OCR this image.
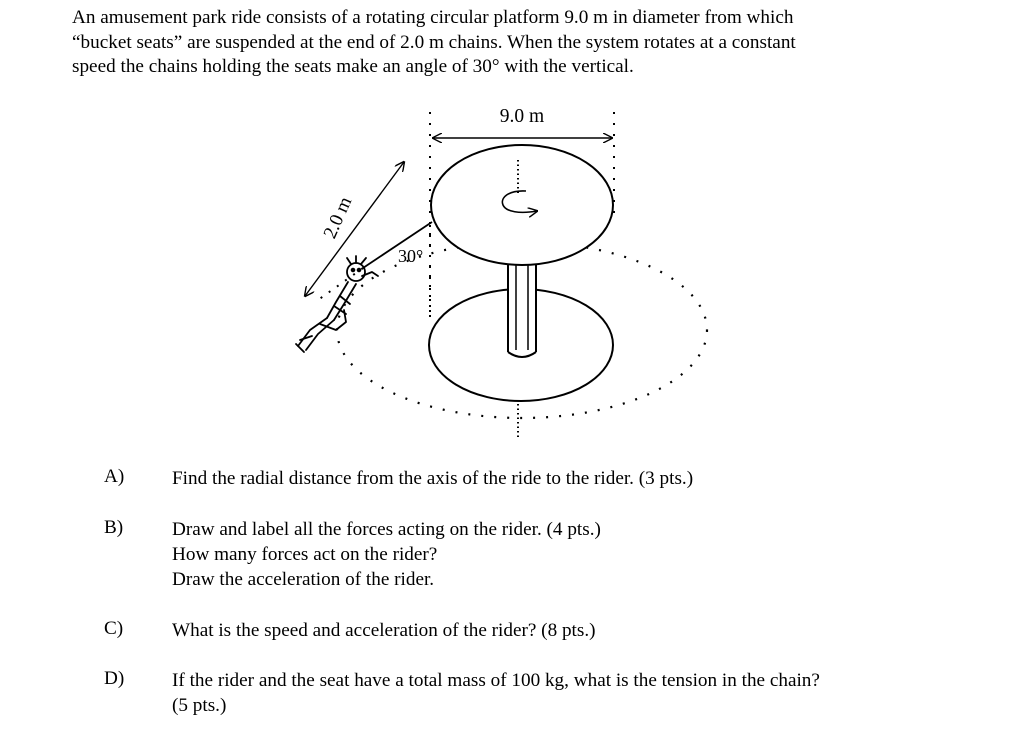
An amusement park ride consists of a rotating circular platform 9.0 m in diameter from which
“bucket seats” are suspended at the end of 2.0 m chains. When the system rotates at a constant
speed the chains holding the seats make an angle of 30° with the vertical.
9.0 m
2.0 m
30°
A) Find the radial distance from the axis of the ride to the rider. (3 pts.)
B)	Draw and label all the forces acting on the rider. (4 pts.)
How many forces act on the rider?
Draw the acceleration of the rider.
C)	What is the speed and acceleration of the rider? (8 pts.)
D) If the rider and the seat have a total mass of 100 kg, what is the tension in the chain?
(5 pts.)
